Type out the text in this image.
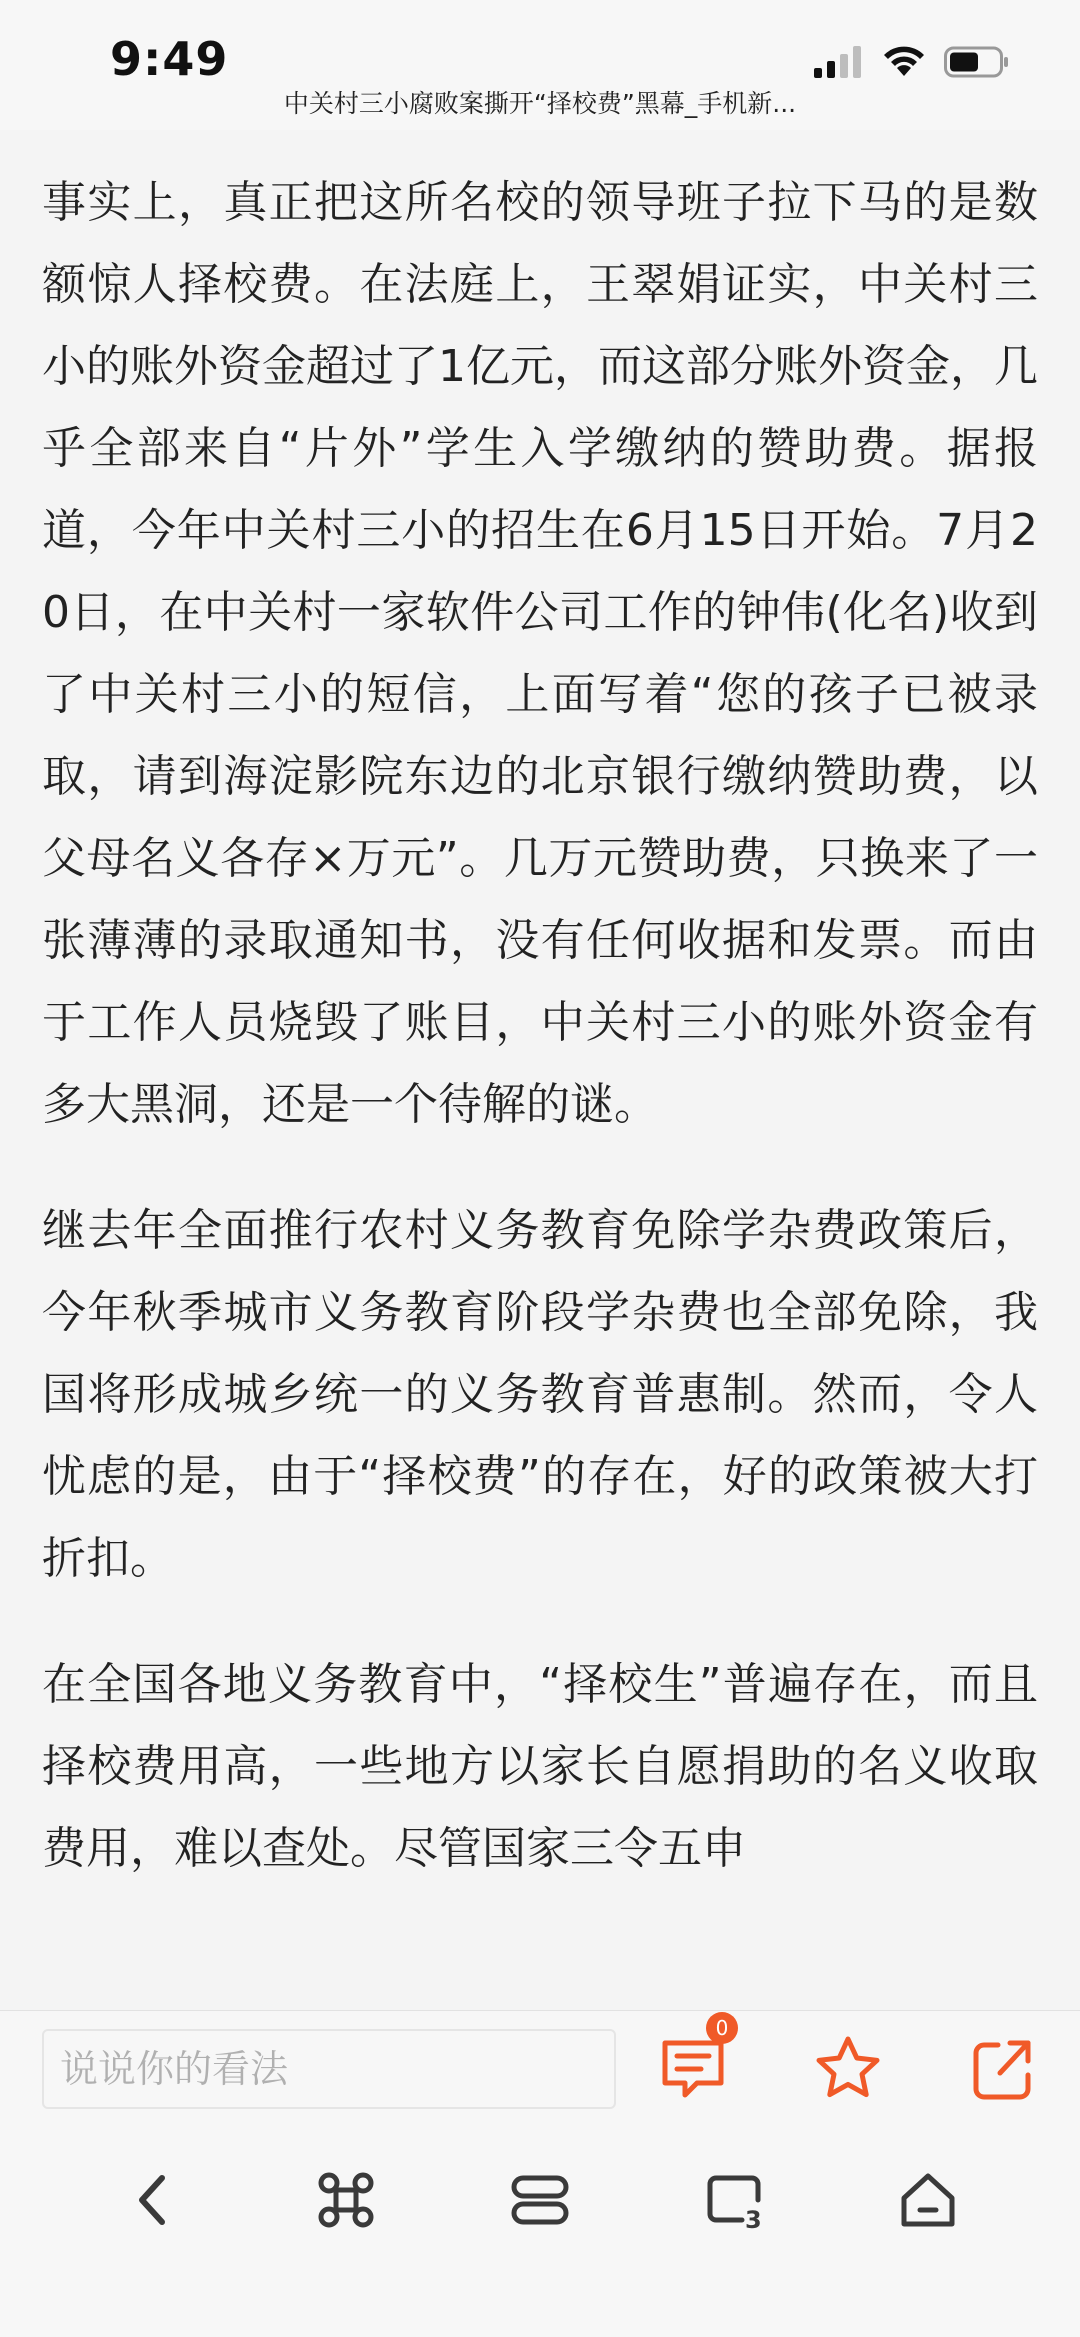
9:49
中关村三小腐败案撕开“择校费”黑幕_手机新...

事实上，真正把这所名校的领导班子拉下马的是数额惊人择校费。在法庭上，王翠娟证实，中关村三小的账外资金超过了1亿元，而这部分账外资金，几乎全部来自“片外”学生入学缴纳的赞助费。据报道，今年中关村三小的招生在6月15日开始。7月20日，在中关村一家软件公司工作的钟伟(化名)收到了中关村三小的短信，上面写着“您的孩子已被录取，请到海淀影院东边的北京银行缴纳赞助费，以父母名义各存×万元”。几万元赞助费，只换来了一张薄薄的录取通知书，没有任何收据和发票。而由于工作人员烧毁了账目，中关村三小的账外资金有多大黑洞，还是一个待解的谜。

继去年全面推行农村义务教育免除学杂费政策后，今年秋季城市义务教育阶段学杂费也全部免除，我国将形成城乡统一的义务教育普惠制。然而，令人忧虑的是，由于“择校费”的存在，好的政策被大打折扣。

在全国各地义务教育中，“择校生”普遍存在，而且择校费用高，一些地方以家长自愿捐助的名义收取费用，难以查处。尽管国家三令五申

说说你的看法
0
3
